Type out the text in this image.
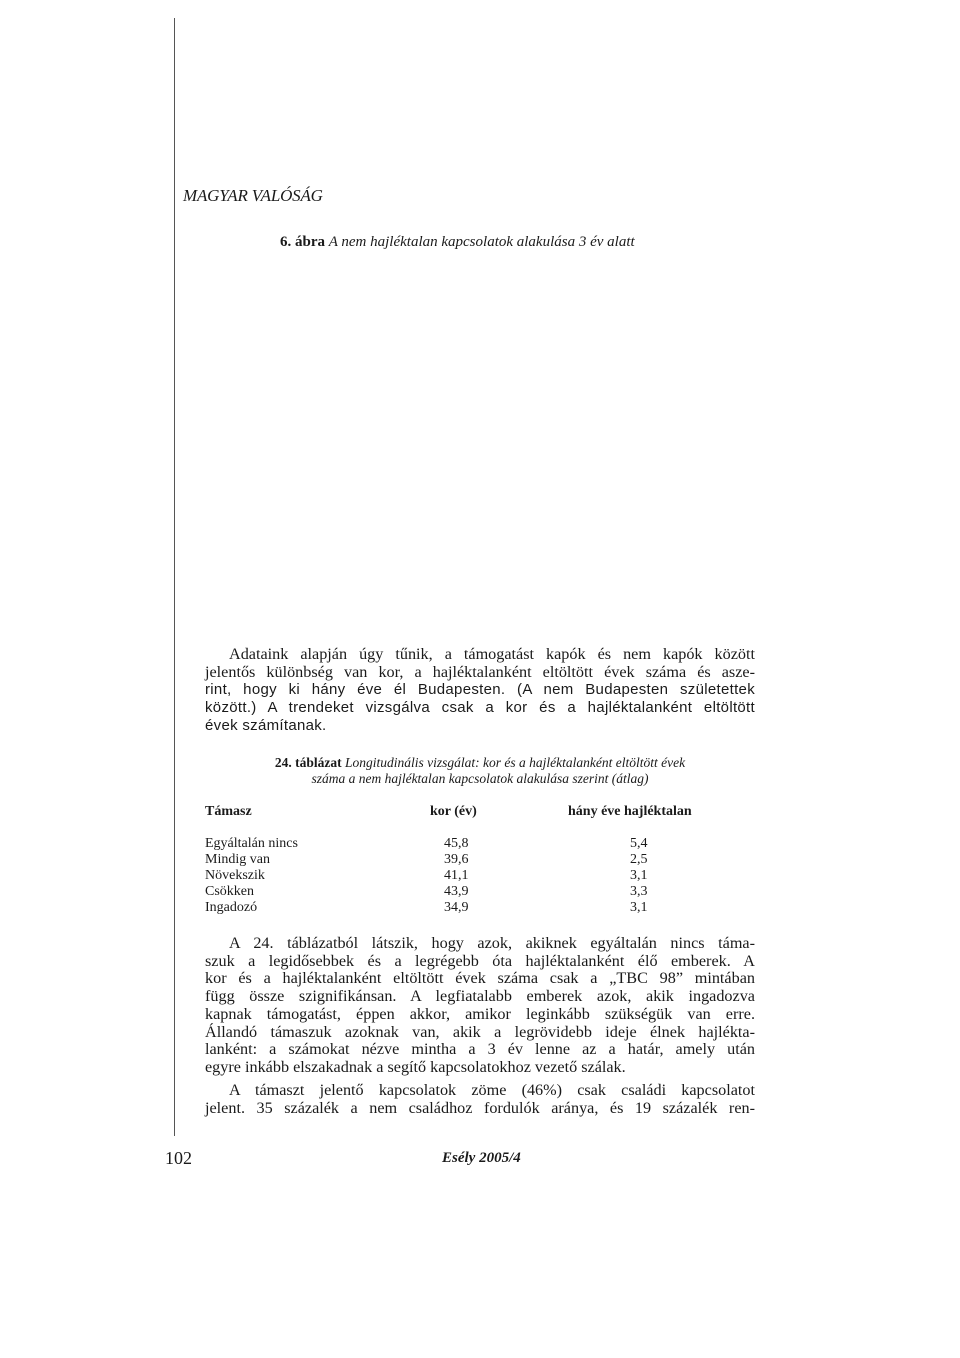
MAGYAR VALÓSÁG
6. ábra A nem hajléktalan kapcsolatok alakulása 3 év alatt
Adataink alapján úgy tűnik, a támogatást kapók és nem kapók között
jelentős különbség van kor, a hajléktalanként eltöltött évek száma és asze-
rint, hogy ki hány éve él Budapesten. (A nem Budapesten születettek
között.) A trendeket vizsgálva csak a kor és a hajléktalanként eltöltött
évek számítanak.
24. táblázat Longitudinális vizsgálat: kor és a hajléktalanként eltöltött évek
száma a nem hajléktalan kapcsolatok alakulása szerint (átlag)
Támasz	kor (év)	hány éve hajléktalan
Egyáltalán nincs	45,8	5,4
Mindig van	39,6	2,5
Növekszik	41,1	3,1
Csökken	43,9	3,3
Ingadozó	34,9	3,1
A 24. táblázatból látszik, hogy azok, akiknek egyáltalán nincs táma-
szuk a legidősebbek és a legrégebb óta hajléktalanként élő emberek. A
kor és a hajléktalanként eltöltött évek száma csak a „TBC 98” mintában
függ össze szignifikánsan. A legfiatalabb emberek azok, akik ingadozva
kapnak támogatást, éppen akkor, amikor leginkább szükségük van erre.
Állandó támaszuk azoknak van, akik a legrövidebb ideje élnek hajlékta-
lanként: a számokat nézve mintha a 3 év lenne az a határ, amely után
egyre inkább elszakadnak a segítő kapcsolatokhoz vezető szálak.
A támaszt jelentő kapcsolatok zöme (46%) csak családi kapcsolatot
jelent. 35 százalék a nem családhoz fordulók aránya, és 19 százalék ren-
102	Esély 2005/4
